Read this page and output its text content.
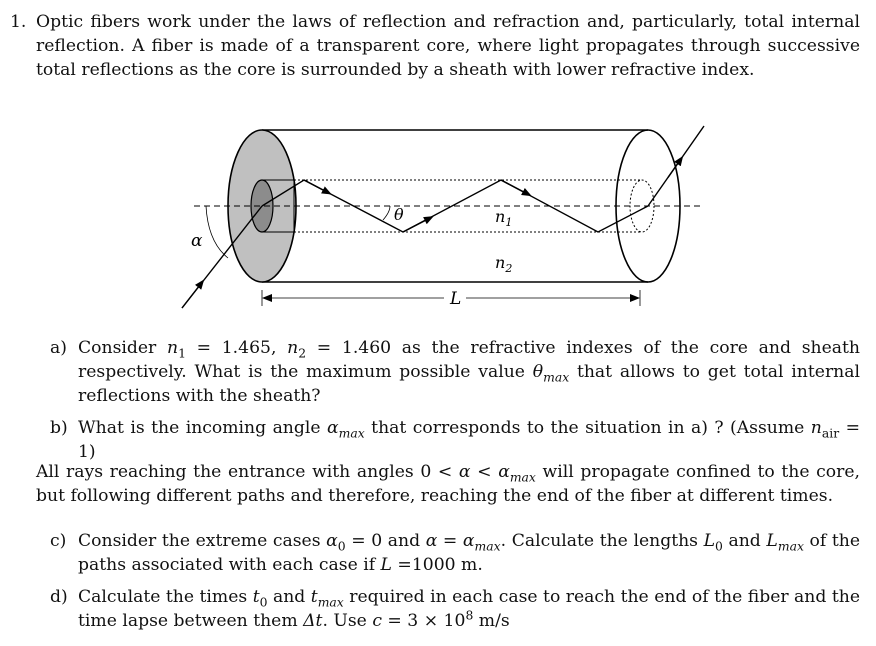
1. Optic fibers work under the laws of reflection and refraction and, particularly, total internal reflection. A fiber is made of a transparent core, where light propagates through successive total reflections as the core is surrounded by a sheath with lower refractive index.
α
θ	$n_1$
$n_2$
L
a) Consider $n_1 = 1.465$, $n_2 = 1.460$ as the refractive indexes of the core and sheath respectively. What is the maximum possible value $\theta_{max}$ that allows to get total internal reflections with the sheath?
b) What is the incoming angle $\alpha_{max}$ that corresponds to the situation in a) ? (Assume $n_{air} = 1$)
All rays reaching the entrance with angles $0 < \alpha < \alpha_{max}$ will propagate confined to the core, but following different paths and therefore, reaching the end of the fiber at different times.
c) Consider the extreme cases $\alpha_0 = 0$ and $\alpha = \alpha_{max}$. Calculate the lengths $L_0$ and $L_{max}$ of the paths associated with each case if L =1000 m.
d) Calculate the times $t_0$ and $t_{max}$ required in each case to reach the end of the fiber and the time lapse between them Δt. Use $c = 3 \times 10^8$ m/s
